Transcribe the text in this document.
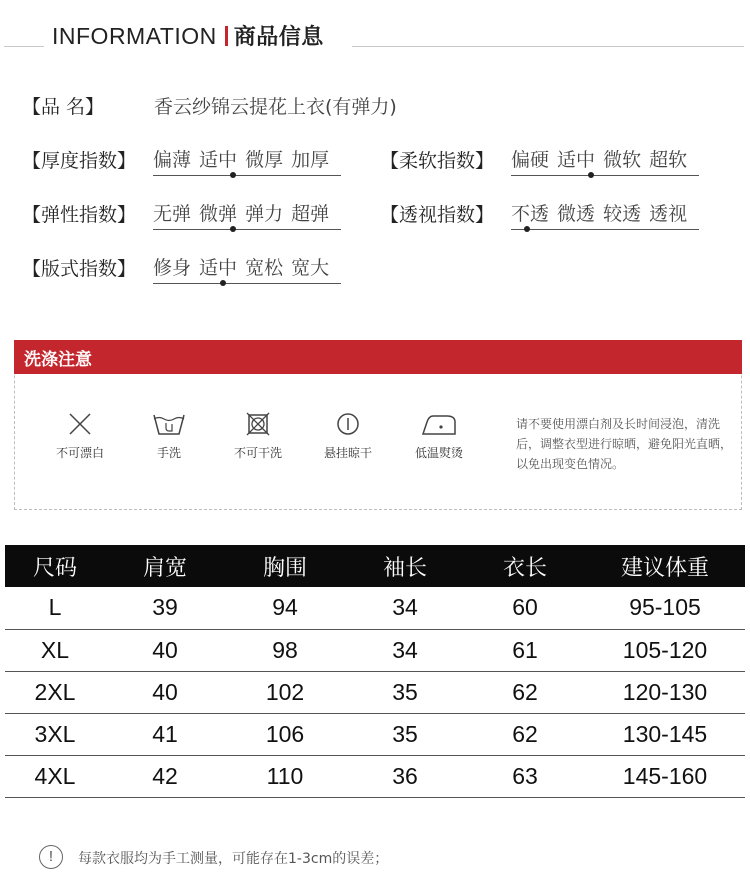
INFORMATION 商品信息
【品 名】	香云纱锦云提花上衣(有弹力)
【厚度指数】 偏薄 适中 微厚 加厚	【柔软指数】 偏硬 适中 微软 超软
【弹性指数】 无弹 微弹 弹力 超弹	【透视指数】 不透 微透 较透 透视
【版式指数】 修身 适中 宽松 宽大
洗涤注意
不可漂白	手洗	不可干洗	悬挂晾干	低温熨烫
请不要使用漂白剂及长时间浸泡，清洗后，调整衣型进行晾晒，避免阳光直晒，以免出现变色情况。
尺码	肩宽	胸围	袖长	衣长	建议体重
L	39	94	34	60	95-105
XL	40	98	34	61	105-120
2XL	40	102	35	62	120-130
3XL	41	106	35	62	130-145
4XL	42	110	36	63	145-160
!	每款衣服均为手工测量，可能存在1-3cm的误差；
